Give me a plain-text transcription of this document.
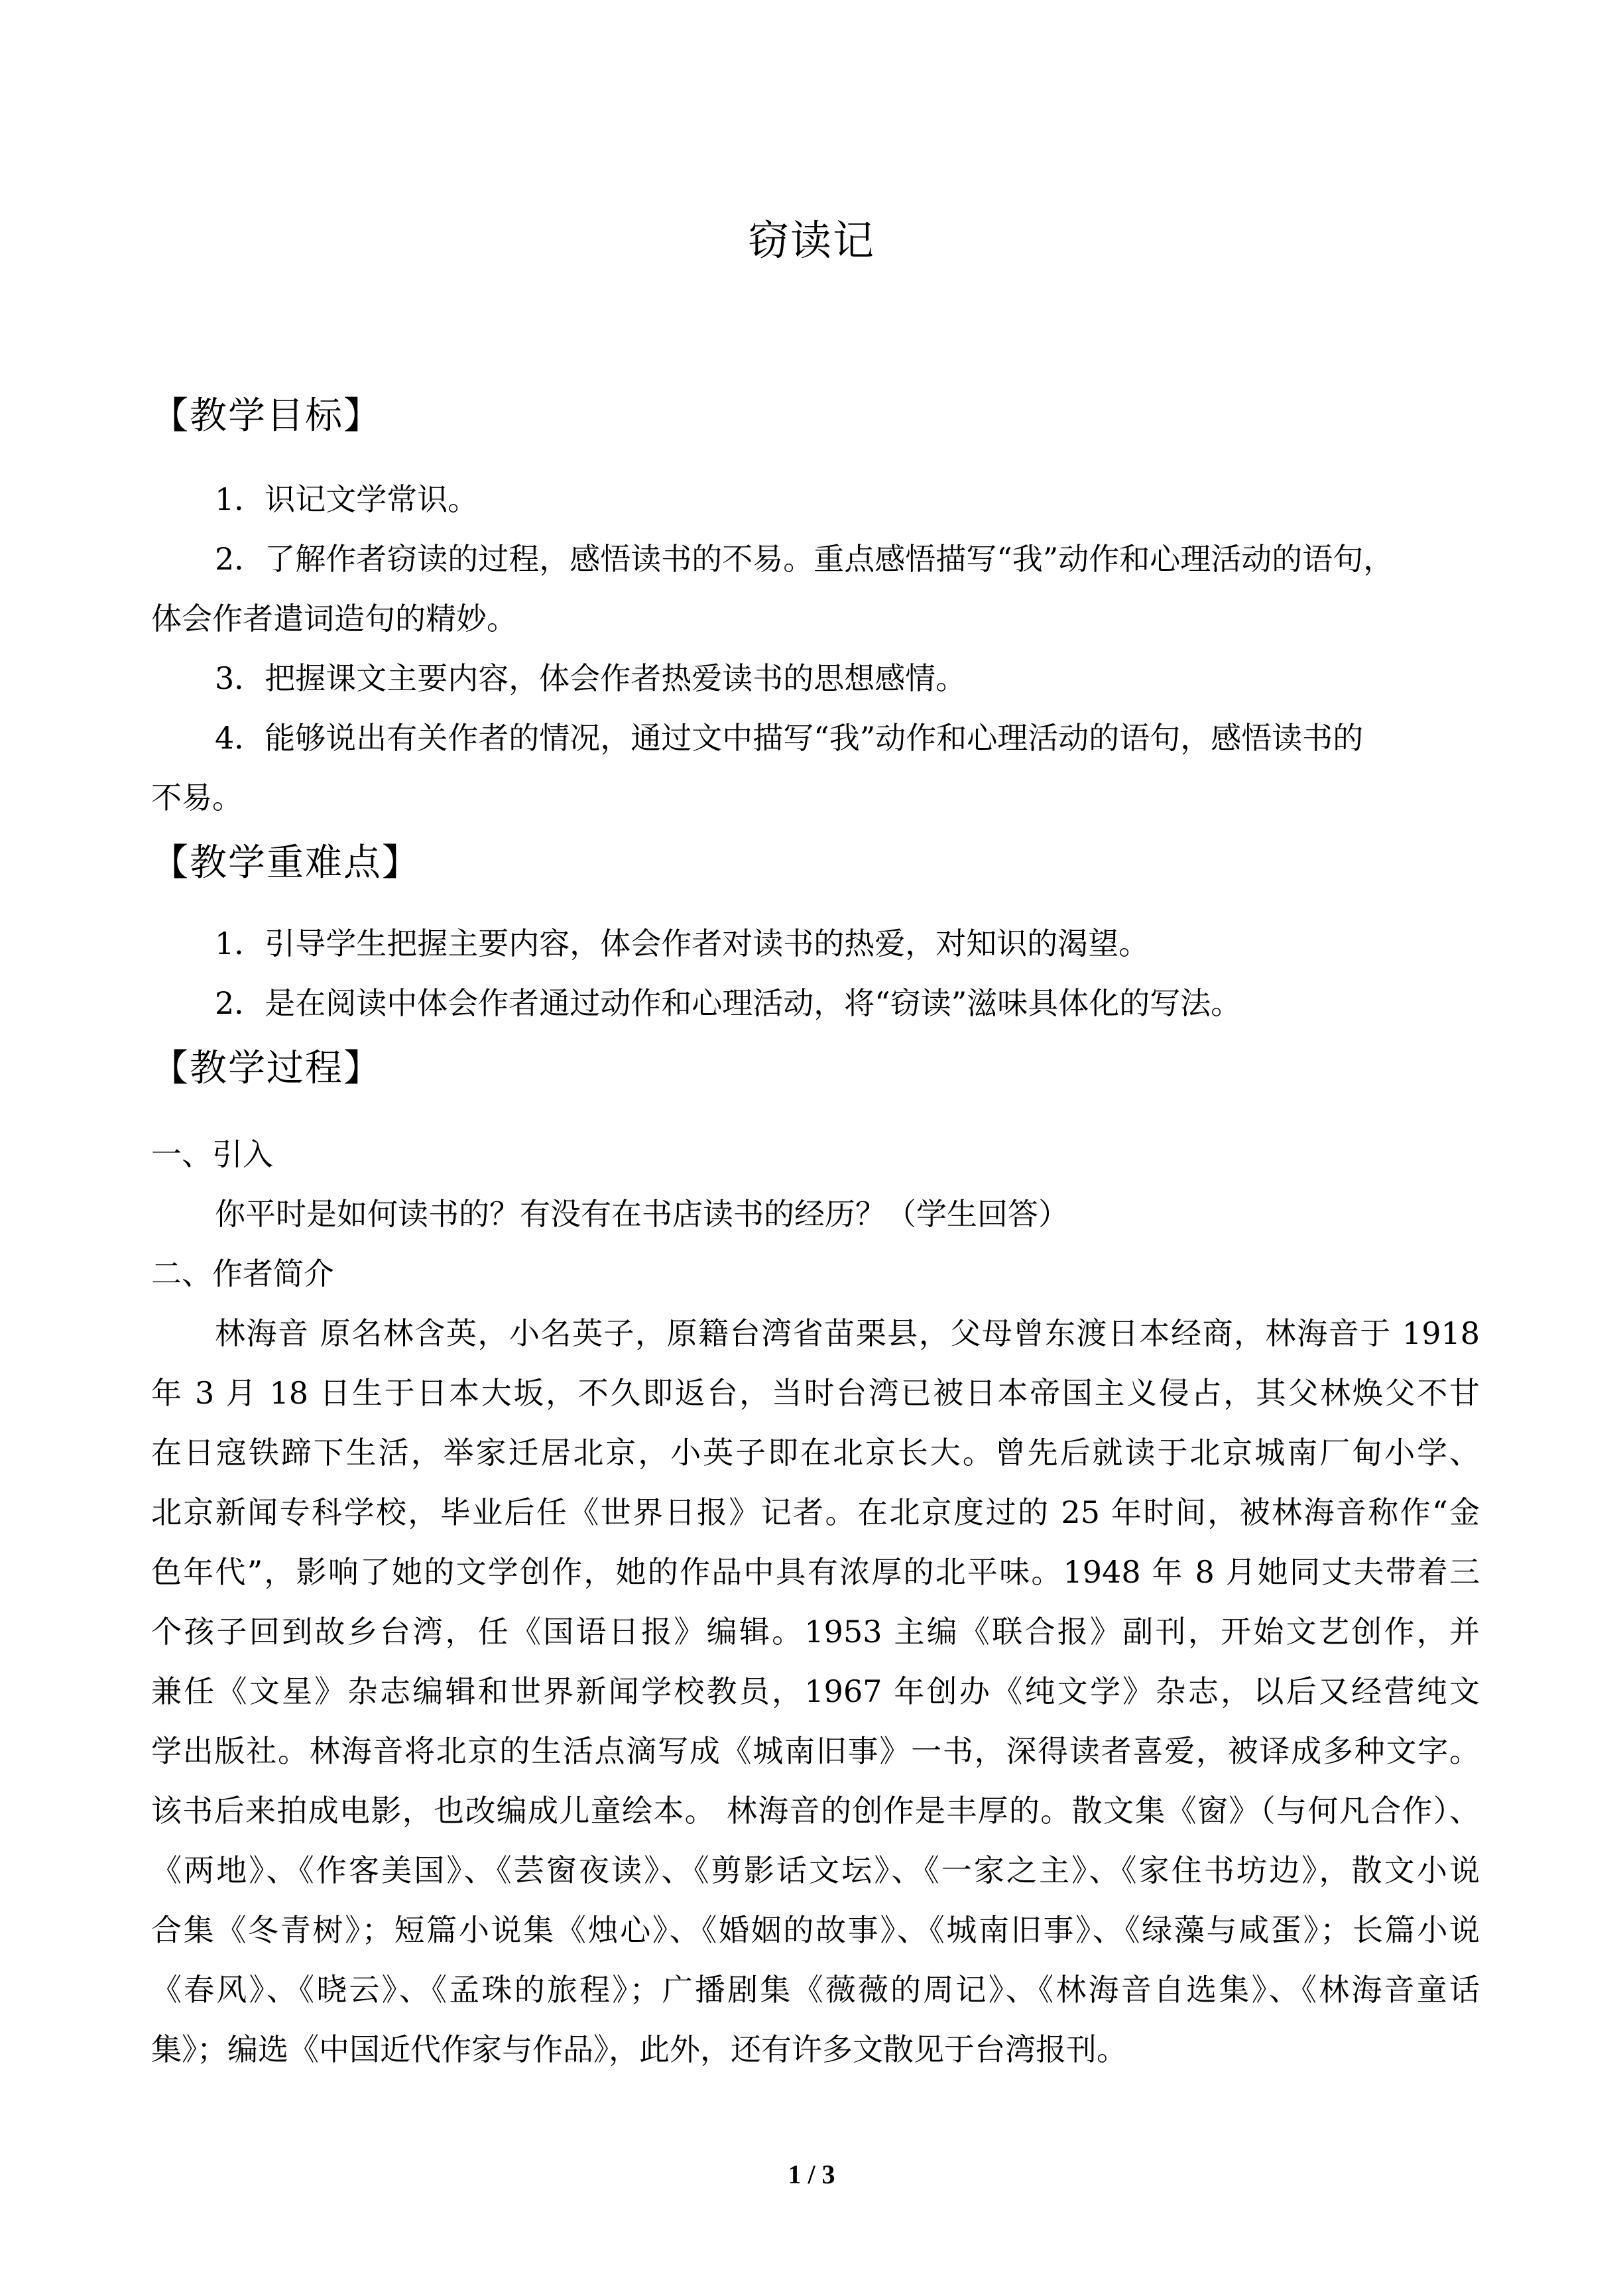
窃读记
【教学目标】
1．识记文学常识。
2．了解作者窃读的过程，感悟读书的不易。重点感悟描写“我”动作和心理活动的语句，
体会作者遣词造句的精妙。
3．把握课文主要内容，体会作者热爱读书的思想感情。
4．能够说出有关作者的情况，通过文中描写“我”动作和心理活动的语句，感悟读书的
不易。
【教学重难点】
1．引导学生把握主要内容，体会作者对读书的热爱，对知识的渴望。
2．是在阅读中体会作者通过动作和心理活动，将“窃读”滋味具体化的写法。
【教学过程】
一、引入
你平时是如何读书的？有没有在书店读书的经历？（学生回答）
二、作者简介
林海音 原名林含英，小名英子，原籍台湾省苗栗县，父母曾东渡日本经商，林海音于 1918
年 3 月 18 日生于日本大坂，不久即返台，当时台湾已被日本帝国主义侵占，其父林焕父不甘
在日寇铁蹄下生活，举家迁居北京，小英子即在北京长大。曾先后就读于北京城南厂甸小学、
北京新闻专科学校，毕业后任《世界日报》记者。在北京度过的 25 年时间，被林海音称作“金
色年代”，影响了她的文学创作，她的作品中具有浓厚的北平味。1948 年 8 月她同丈夫带着三
个孩子回到故乡台湾，任《国语日报》编辑。1953 主编《联合报》副刊，开始文艺创作，并
兼任《文星》杂志编辑和世界新闻学校教员，1967 年创办《纯文学》杂志，以后又经营纯文
学出版社。林海音将北京的生活点滴写成《城南旧事》一书，深得读者喜爱，被译成多种文字。
该书后来拍成电影，也改编成儿童绘本。 林海音的创作是丰厚的。散文集《窗》（与何凡合作）、
《两地》、《作客美国》、《芸窗夜读》、《剪影话文坛》、《一家之主》、《家住书坊边》，散文小说
合集《冬青树》；短篇小说集《烛心》、《婚姻的故事》、《城南旧事》、《绿藻与咸蛋》；长篇小说
《春风》、《晓云》、《孟珠的旅程》；广播剧集《薇薇的周记》、《林海音自选集》、《林海音童话
集》；编选《中国近代作家与作品》，此外，还有许多文散见于台湾报刊。
1 / 3
